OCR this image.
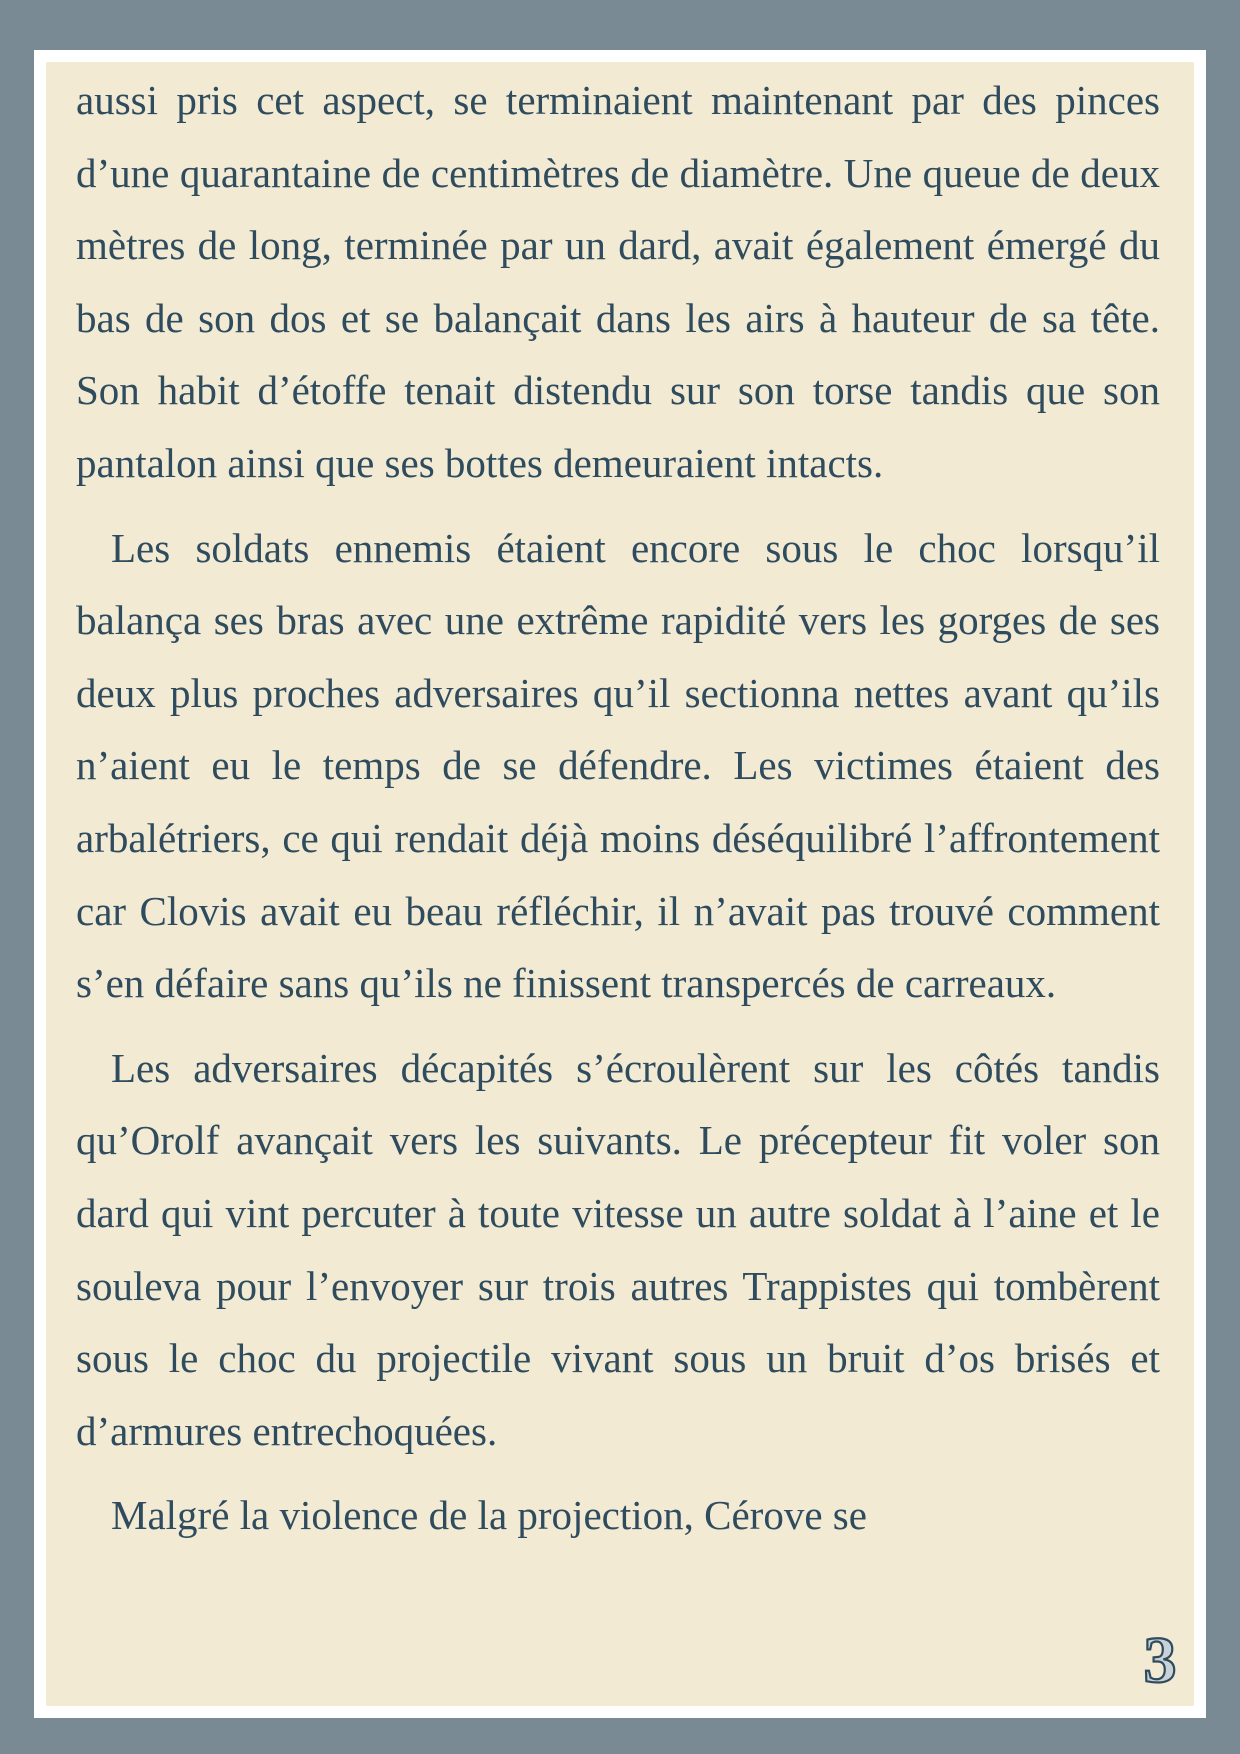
aussi pris cet aspect, se terminaient maintenant par des pinces d’une quarantaine de centimètres de diamètre. Une queue de deux mètres de long, terminée par un dard, avait également émergé du bas de son dos et se balançait dans les airs à hauteur de sa tête. Son habit d’étoffe tenait distendu sur son torse tandis que son pantalon ainsi que ses bottes demeuraient intacts.

Les soldats ennemis étaient encore sous le choc lorsqu’il balança ses bras avec une extrême rapidité vers les gorges de ses deux plus proches adversaires qu’il sectionna nettes avant qu’ils n’aient eu le temps de se défendre. Les victimes étaient des arbalétriers, ce qui rendait déjà moins déséquilibré l’affrontement car Clovis avait eu beau réfléchir, il n’avait pas trouvé comment s’en défaire sans qu’ils ne finissent transpercés de carreaux.

Les adversaires décapités s’écroulèrent sur les côtés tandis qu’Orolf avançait vers les suivants. Le précepteur fit voler son dard qui vint percuter à toute vitesse un autre soldat à l’aine et le souleva pour l’envoyer sur trois autres Trappistes qui tombèrent sous le choc du projectile vivant sous un bruit d’os brisés et d’armures entrechoquées.

Malgré la violence de la projection, Cérove se

3
